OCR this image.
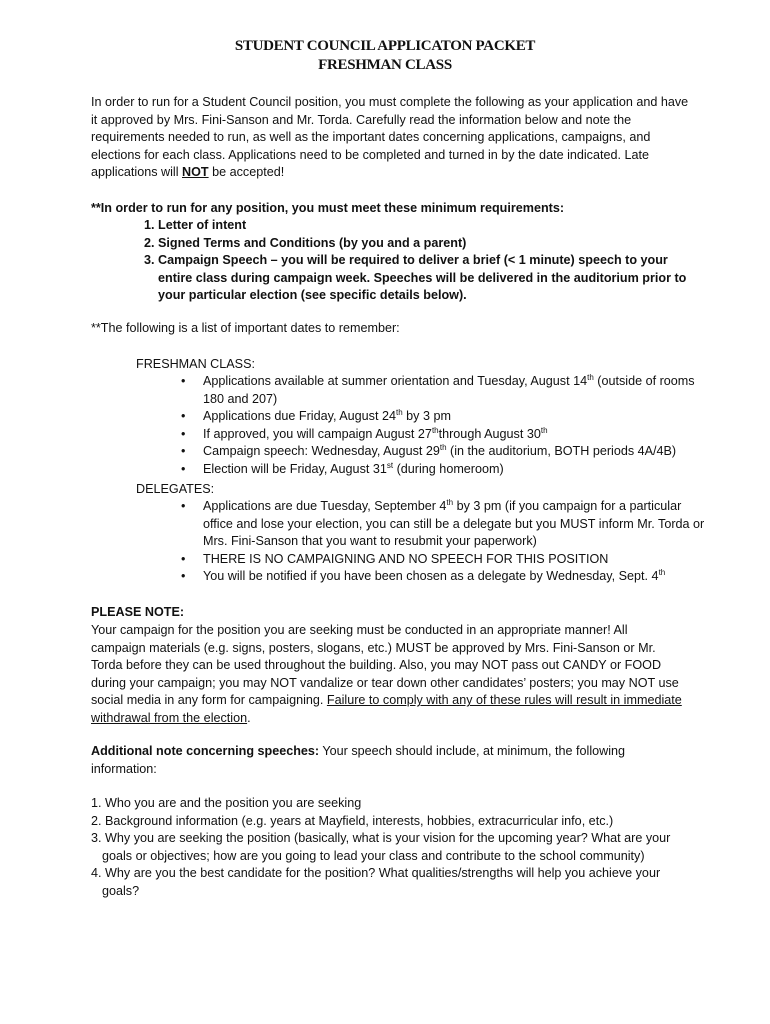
STUDENT COUNCIL APPLICATON PACKET
FRESHMAN CLASS

In order to run for a Student Council position, you must complete the following as your application and have it approved by Mrs. Fini-Sanson and Mr. Torda. Carefully read the information below and note the requirements needed to run, as well as the important dates concerning applications, campaigns, and elections for each class. Applications need to be completed and turned in by the date indicated. Late applications will NOT be accepted!

**In order to run for any position, you must meet these minimum requirements:
1. Letter of intent
2. Signed Terms and Conditions (by you and a parent)
3. Campaign Speech – you will be required to deliver a brief (< 1 minute) speech to your entire class during campaign week. Speeches will be delivered in the auditorium prior to your particular election (see specific details below).
**The following is a list of important dates to remember:
FRESHMAN CLASS:
• Applications available at summer orientation and Tuesday, August 14th (outside of rooms 180 and 207)
• Applications due Friday, August 24th by 3 pm
• If approved, you will campaign August 27ththrough August 30th
• Campaign speech: Wednesday, August 29th (in the auditorium, BOTH periods 4A/4B)
• Election will be Friday, August 31st (during homeroom)
DELEGATES:
• Applications are due Tuesday, September 4th by 3 pm (if you campaign for a particular office and lose your election, you can still be a delegate but you MUST inform Mr. Torda or Mrs. Fini-Sanson that you want to resubmit your paperwork)
• THERE IS NO CAMPAIGNING AND NO SPEECH FOR THIS POSITION
• You will be notified if you have been chosen as a delegate by Wednesday, Sept. 4th
PLEASE NOTE:

Your campaign for the position you are seeking must be conducted in an appropriate manner! All campaign materials (e.g. signs, posters, slogans, etc.) MUST be approved by Mrs. Fini-Sanson or Mr. Torda before they can be used throughout the building. Also, you may NOT pass out CANDY or FOOD during your campaign; you may NOT vandalize or tear down other candidates’ posters; you may NOT use social media in any form for campaigning. Failure to comply with any of these rules will result in immediate withdrawal from the election.

Additional note concerning speeches: Your speech should include, at minimum, the following information:

1. Who you are and the position you are seeking
2. Background information (e.g. years at Mayfield, interests, hobbies, extracurricular info, etc.)
3. Why you are seeking the position (basically, what is your vision for the upcoming year? What are your goals or objectives; how are you going to lead your class and contribute to the school community)
4. Why are you the best candidate for the position? What qualities/strengths will help you achieve your goals?
